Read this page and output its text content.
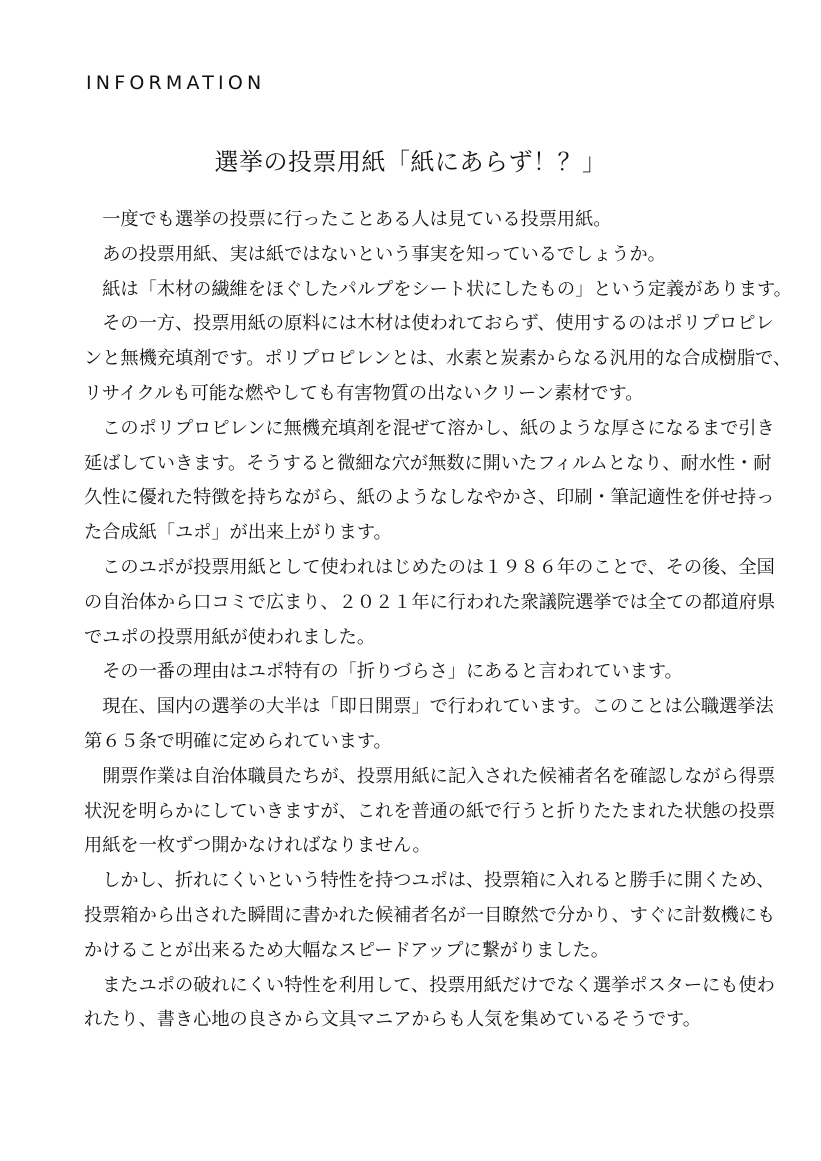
INFORMATION
選挙の投票用紙「紙にあらず！？」
　一度でも選挙の投票に行ったことある人は見ている投票用紙。
　あの投票用紙、実は紙ではないという事実を知っているでしょうか。
　紙は「木材の繊維をほぐしたパルプをシート状にしたもの」という定義があります。
　その一方、投票用紙の原料には木材は使われておらず、使用するのはポリプロピレ
ンと無機充填剤です。ポリプロピレンとは、水素と炭素からなる汎用的な合成樹脂で、
リサイクルも可能な燃やしても有害物質の出ないクリーン素材です。
　このポリプロピレンに無機充填剤を混ぜて溶かし、紙のような厚さになるまで引き
延ばしていきます。そうすると微細な穴が無数に開いたフィルムとなり、耐水性・耐
久性に優れた特徴を持ちながら、紙のようなしなやかさ、印刷・筆記適性を併せ持っ
た合成紙「ユポ」が出来上がります。
　このユポが投票用紙として使われはじめたのは１９８６年のことで、その後、全国
の自治体から口コミで広まり、２０２１年に行われた衆議院選挙では全ての都道府県
でユポの投票用紙が使われました。
　その一番の理由はユポ特有の「折りづらさ」にあると言われています。
　現在、国内の選挙の大半は「即日開票」で行われています。このことは公職選挙法
第６５条で明確に定められています。
　開票作業は自治体職員たちが、投票用紙に記入された候補者名を確認しながら得票
状況を明らかにしていきますが、これを普通の紙で行うと折りたたまれた状態の投票
用紙を一枚ずつ開かなければなりません。
　しかし、折れにくいという特性を持つユポは、投票箱に入れると勝手に開くため、
投票箱から出された瞬間に書かれた候補者名が一目瞭然で分かり、すぐに計数機にも
かけることが出来るため大幅なスピードアップに繋がりました。
　またユポの破れにくい特性を利用して、投票用紙だけでなく選挙ポスターにも使わ
れたり、書き心地の良さから文具マニアからも人気を集めているそうです。
